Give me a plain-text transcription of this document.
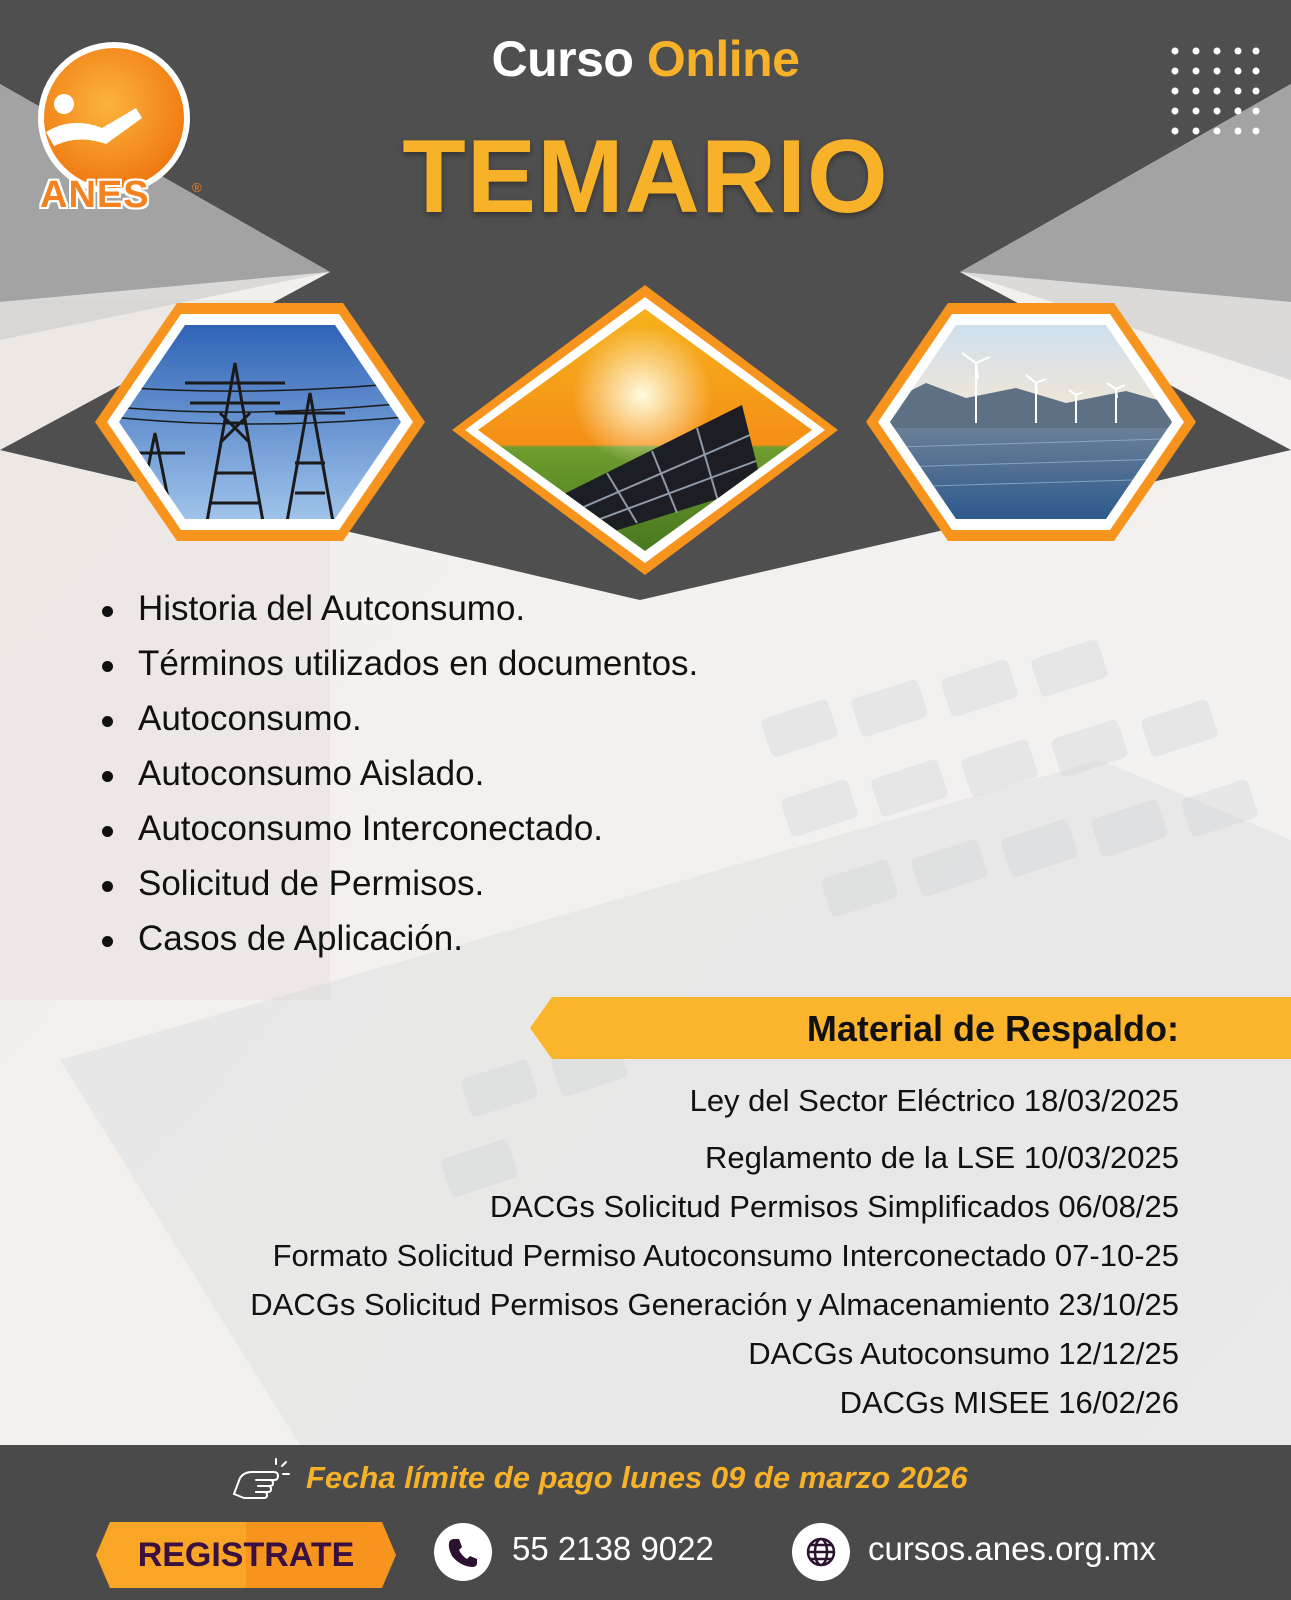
ANES	®
Curso Online
TEMARIO
Historia del Autconsumo.
Términos utilizados en documentos.
Autoconsumo.
Autoconsumo Aislado.
Autoconsumo Interconectado.
Solicitud de Permisos.
Casos de Aplicación.
Material de Respaldo:
Ley del Sector Eléctrico 18/03/2025
Reglamento de la LSE 10/03/2025
DACGs Solicitud Permisos Simplificados 06/08/25
Formato Solicitud Permiso Autoconsumo Interconectado 07-10-25
DACGs Solicitud Permisos Generación y Almacenamiento 23/10/25
DACGs Autoconsumo 12/12/25
DACGs MISEE 16/02/26
Fecha límite de pago lunes 09 de marzo 2026
REGISTRATE	55 2138 9022	cursos.anes.org.mx
